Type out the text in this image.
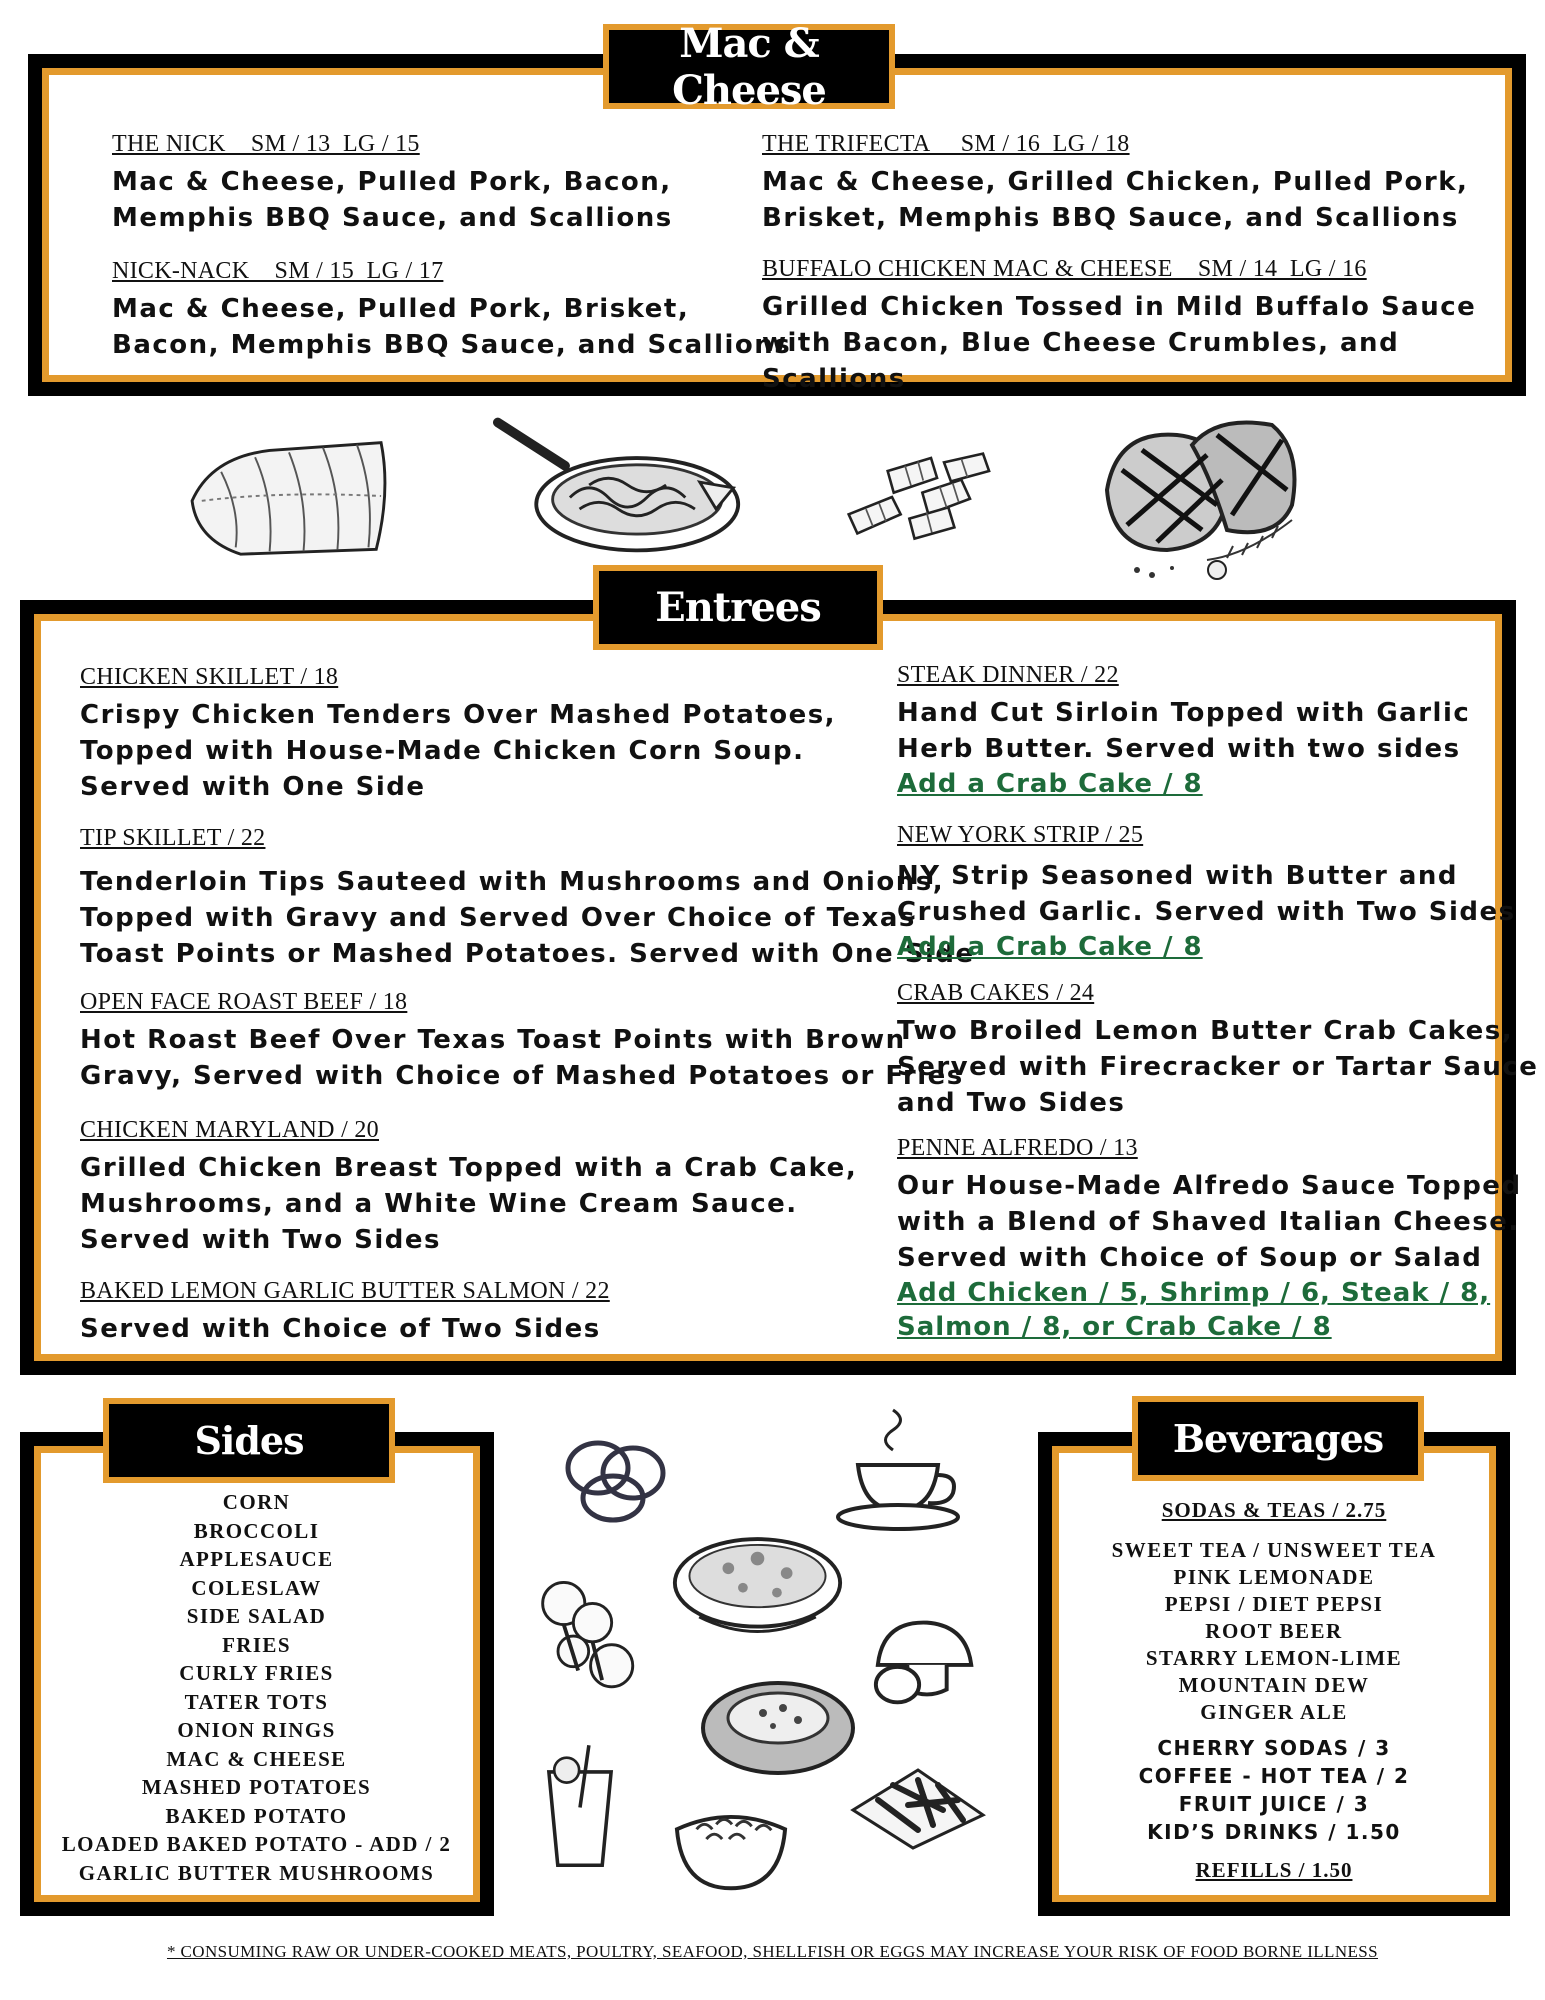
Mac & Cheese
THE NICK    SM / 13  LG / 15
Mac & Cheese, Pulled Pork, Bacon,
Memphis BBQ Sauce, and Scallions
NICK-NACK    SM / 15  LG / 17
Mac & Cheese, Pulled Pork, Brisket,
Bacon, Memphis BBQ Sauce, and Scallions
THE TRIFECTA     SM / 16  LG / 18
Mac & Cheese, Grilled Chicken, Pulled Pork,
Brisket, Memphis BBQ Sauce, and Scallions
BUFFALO CHICKEN MAC & CHEESE    SM / 14  LG / 16
Grilled Chicken Tossed in Mild Buffalo Sauce
with Bacon, Blue Cheese Crumbles, and Scallions
Entrees
CHICKEN SKILLET / 18
Crispy Chicken Tenders Over Mashed Potatoes,
Topped with House-Made Chicken Corn Soup.
Served with One Side
TIP SKILLET / 22
Tenderloin Tips Sauteed with Mushrooms and Onions,
Topped with Gravy and Served Over Choice of Texas
Toast Points or Mashed Potatoes. Served with One Side
OPEN FACE ROAST BEEF / 18
Hot Roast Beef Over Texas Toast Points with Brown
Gravy, Served with Choice of Mashed Potatoes or Fries
CHICKEN MARYLAND / 20
Grilled Chicken Breast Topped with a Crab Cake,
Mushrooms, and a White Wine Cream Sauce.
Served with Two Sides
BAKED LEMON GARLIC BUTTER SALMON / 22
Served with Choice of Two Sides
STEAK DINNER / 22
Hand Cut Sirloin Topped with Garlic
Herb Butter. Served with two sides
Add a Crab Cake / 8
NEW YORK STRIP / 25
NY Strip Seasoned with Butter and
Crushed Garlic. Served with Two Sides
Add a Crab Cake / 8
CRAB CAKES / 24
Two Broiled Lemon Butter Crab Cakes,
Served with Firecracker or Tartar Sauce
and Two Sides
PENNE ALFREDO / 13
Our House-Made Alfredo Sauce Topped
with a Blend of Shaved Italian Cheese.
Served with Choice of Soup or Salad
Add Chicken / 5, Shrimp / 6, Steak / 8,
Salmon / 8, or Crab Cake / 8
Sides
CORN
BROCCOLI
APPLESAUCE
COLESLAW
SIDE SALAD
FRIES
CURLY FRIES
TATER TOTS
ONION RINGS
MAC & CHEESE
MASHED POTATOES
BAKED POTATO
LOADED BAKED POTATO - ADD / 2
GARLIC BUTTER MUSHROOMS
Beverages
SODAS & TEAS / 2.75
SWEET TEA / UNSWEET TEA
PINK LEMONADE
PEPSI / DIET PEPSI
ROOT BEER
STARRY LEMON-LIME
MOUNTAIN DEW
GINGER ALE
CHERRY SODAS / 3
COFFEE - HOT TEA / 2
FRUIT JUICE / 3
KID’S DRINKS / 1.50
REFILLS / 1.50
* CONSUMING RAW OR UNDER-COOKED MEATS, POULTRY, SEAFOOD, SHELLFISH OR EGGS MAY INCREASE YOUR RISK OF FOOD BORNE ILLNESS
